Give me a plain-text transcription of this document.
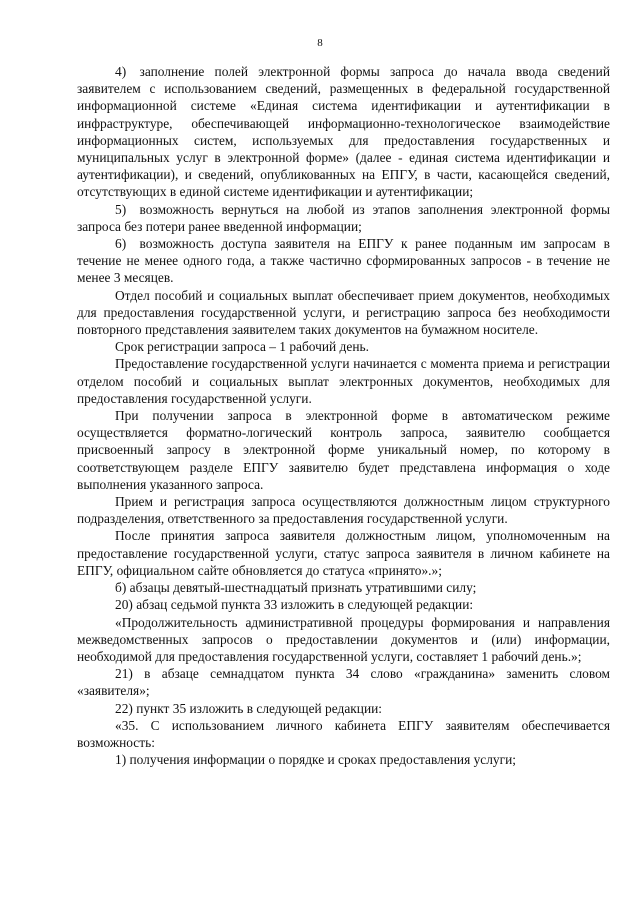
8

4) заполнение полей электронной формы запроса до начала ввода сведений заявителем с использованием сведений, размещенных в федеральной государственной информационной системе «Единая система идентификации и аутентификации в инфраструктуре, обеспечивающей информационно-технологическое взаимодействие информационных систем, используемых для предоставления государственных и муниципальных услуг в электронной форме» (далее - единая система идентификации и аутентификации), и сведений, опубликованных на ЕПГУ, в части, касающейся сведений, отсутствующих в единой системе идентификации и аутентификации;

5) возможность вернуться на любой из этапов заполнения электронной формы запроса без потери ранее введенной информации;

6) возможность доступа заявителя на ЕПГУ к ранее поданным им запросам в течение не менее одного года, а также частично сформированных запросов - в течение не менее 3 месяцев.

Отдел пособий и социальных выплат обеспечивает прием документов, необходимых для предоставления государственной услуги, и регистрацию запроса без необходимости повторного представления заявителем таких документов на бумажном носителе.

Срок регистрации запроса – 1 рабочий день.

Предоставление государственной услуги начинается с момента приема и регистрации отделом пособий и социальных выплат электронных документов, необходимых для предоставления государственной услуги.

При получении запроса в электронной форме в автоматическом режиме осуществляется форматно-логический контроль запроса, заявителю сообщается присвоенный запросу в электронной форме уникальный номер, по которому в соответствующем разделе ЕПГУ заявителю будет представлена информация о ходе выполнения указанного запроса.

Прием и регистрация запроса осуществляются должностным лицом структурного подразделения, ответственного за предоставления государственной услуги.

После принятия запроса заявителя должностным лицом, уполномоченным на предоставление государственной услуги, статус запроса заявителя в личном кабинете на ЕПГУ, официальном сайте обновляется до статуса «принято».»;

б) абзацы девятый-шестнадцатый признать утратившими силу;

20) абзац седьмой пункта 33 изложить в следующей редакции:

«Продолжительность административной процедуры формирования и направления межведомственных запросов о предоставлении документов и (или) информации, необходимой для предоставления государственной услуги, составляет 1 рабочий день.»;

21) в абзаце семнадцатом пункта 34 слово «гражданина» заменить словом «заявителя»;

22) пункт 35 изложить в следующей редакции:

«35. С использованием личного кабинета ЕПГУ заявителям обеспечивается возможность:

1) получения информации о порядке и сроках предоставления услуги;
